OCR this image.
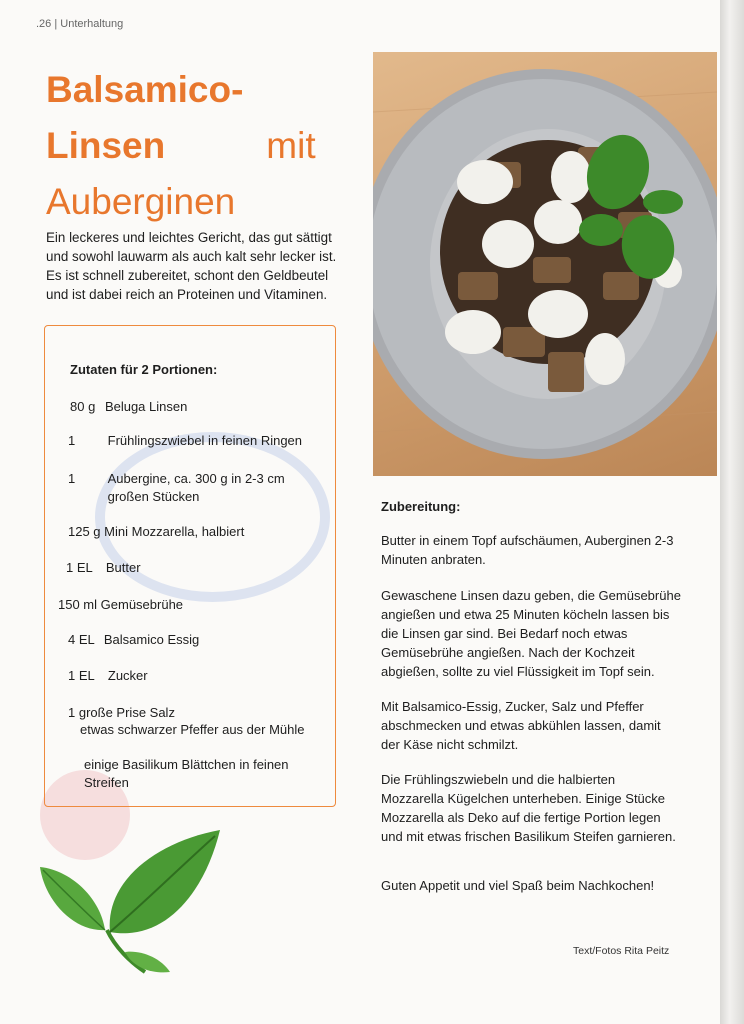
.26 | Unterhaltung
Balsamico-Linsen	mit Auberginen
Ein leckeres und leichtes Gericht, das gut sättigt und sowohl lauwarm als auch kalt sehr lecker ist. Es ist schnell zubereitet, schont den Geldbeutel und ist dabei reich an Proteinen und Vitaminen.
Zutaten für 2 Portionen:
80 g Beluga Linsen
1 Frühlingszwiebel in feinen Ringen
1 Aubergine, ca. 300 g in 2-3 cm großen Stücken
125 g Mini Mozzarella, halbiert
1 EL Butter
150 ml Gemüsebrühe
4 EL Balsamico Essig
1 EL Zucker
1 große Prise Salz
etwas schwarzer Pfeffer aus der Mühle
einige Basilikum Blättchen in feinen Streifen
Zubereitung:
Butter in einem Topf aufschäumen, Auberginen 2-3 Minuten anbraten.
Gewaschene Linsen dazu geben, die Gemüsebrühe angießen und etwa 25 Minuten köcheln lassen bis die Linsen gar sind. Bei Bedarf noch etwas Gemüsebrühe angießen. Nach der Kochzeit abgießen, sollte zu viel Flüssigkeit im Topf sein.
Mit Balsamico-Essig, Zucker, Salz und Pfeffer abschmecken und etwas abkühlen lassen, damit der Käse nicht schmilzt.
Die Frühlingszwiebeln und die halbierten Mozzarella Kügelchen unterheben. Einige Stücke Mozzarella als Deko auf die fertige Portion legen und mit etwas frischen Basilikum Steifen garnieren.
Guten Appetit und viel Spaß beim Nachkochen!
Text/Fotos Rita Peitz
